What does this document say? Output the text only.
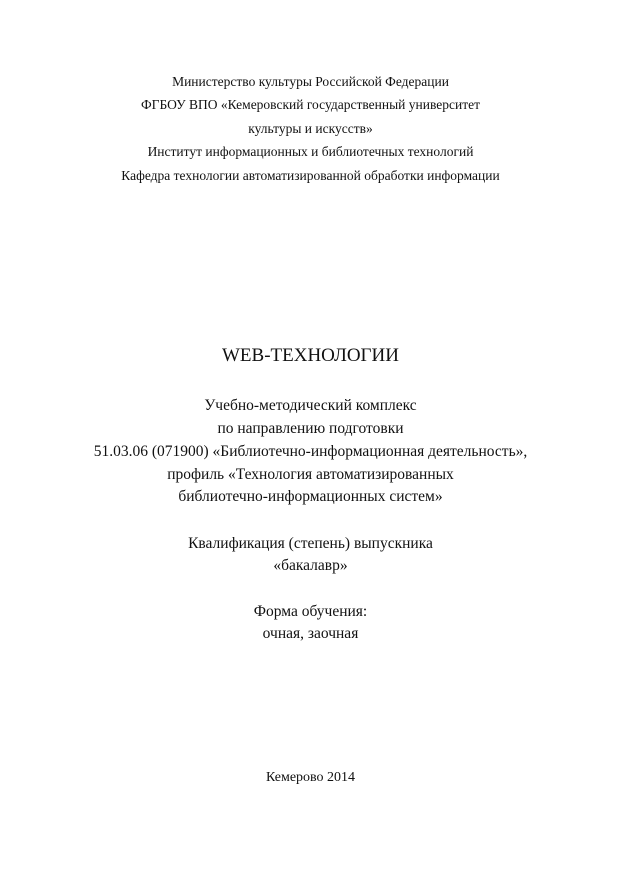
Министерство культуры Российской Федерации
ФГБОУ ВПО «Кемеровский государственный университет
культуры и искусств»
Институт информационных и библиотечных технологий
Кафедра технологии автоматизированной обработки информации
WEB-ТЕХНОЛОГИИ
Учебно-методический комплекс
по направлению подготовки
51.03.06 (071900) «Библиотечно-информационная деятельность»,
профиль «Технология автоматизированных
библиотечно-информационных систем»
Квалификация (степень) выпускника
«бакалавр»
Форма обучения:
очная, заочная
Кемерово 2014
